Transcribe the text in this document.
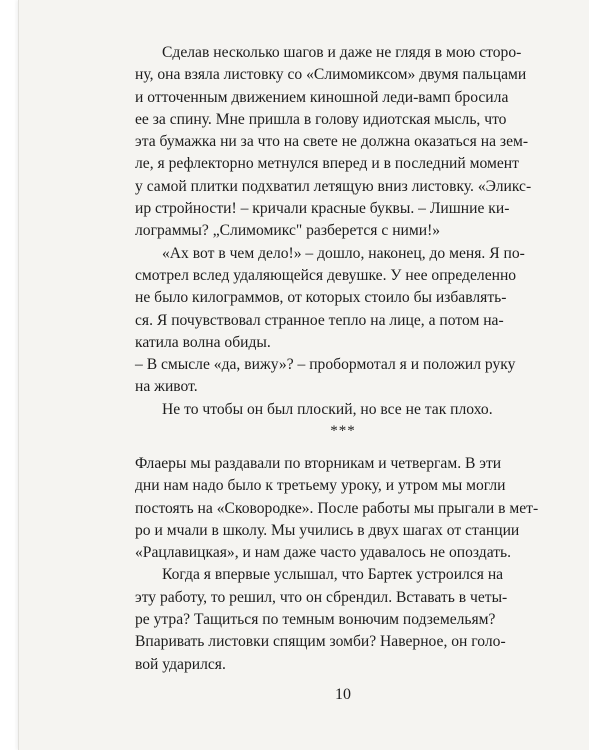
Сделав несколько шагов и даже не глядя в мою сторо-
ну, она взяла листовку со «Слимомиксом» двумя пальцами
и отточенным движением киношной леди-вамп бросила
ее за спину. Мне пришла в голову идиотская мысль, что
эта бумажка ни за что на свете не должна оказаться на зем-
ле, я рефлекторно метнулся вперед и в последний момент
у самой плитки подхватил летящую вниз листовку. «Эликс-
ир стройности! – кричали красные буквы. – Лишние ки-
лограммы? „Слимомикс" разберется с ними!»
«Ах вот в чем дело!» – дошло, наконец, до меня. Я по-
смотрел вслед удаляющейся девушке. У нее определенно
не было килограммов, от которых стоило бы избавлять-
ся. Я почувствовал странное тепло на лице, а потом на-
катила волна обиды.
– В смысле «да, вижу»? – пробормотал я и положил руку
на живот.
Не то чтобы он был плоский, но все не так плохо.
***
Флаеры мы раздавали по вторникам и четвергам. В эти
дни нам надо было к третьему уроку, и утром мы могли
постоять на «Сковородке». После работы мы прыгали в мет-
ро и мчали в школу. Мы учились в двух шагах от станции
«Рацлавицкая», и нам даже часто удавалось не опоздать.
Когда я впервые услышал, что Бартек устроился на
эту работу, то решил, что он сбрендил. Вставать в четы-
ре утра? Тащиться по темным вонючим подземельям?
Впаривать листовки спящим зомби? Наверное, он голо-
вой ударился.
10
